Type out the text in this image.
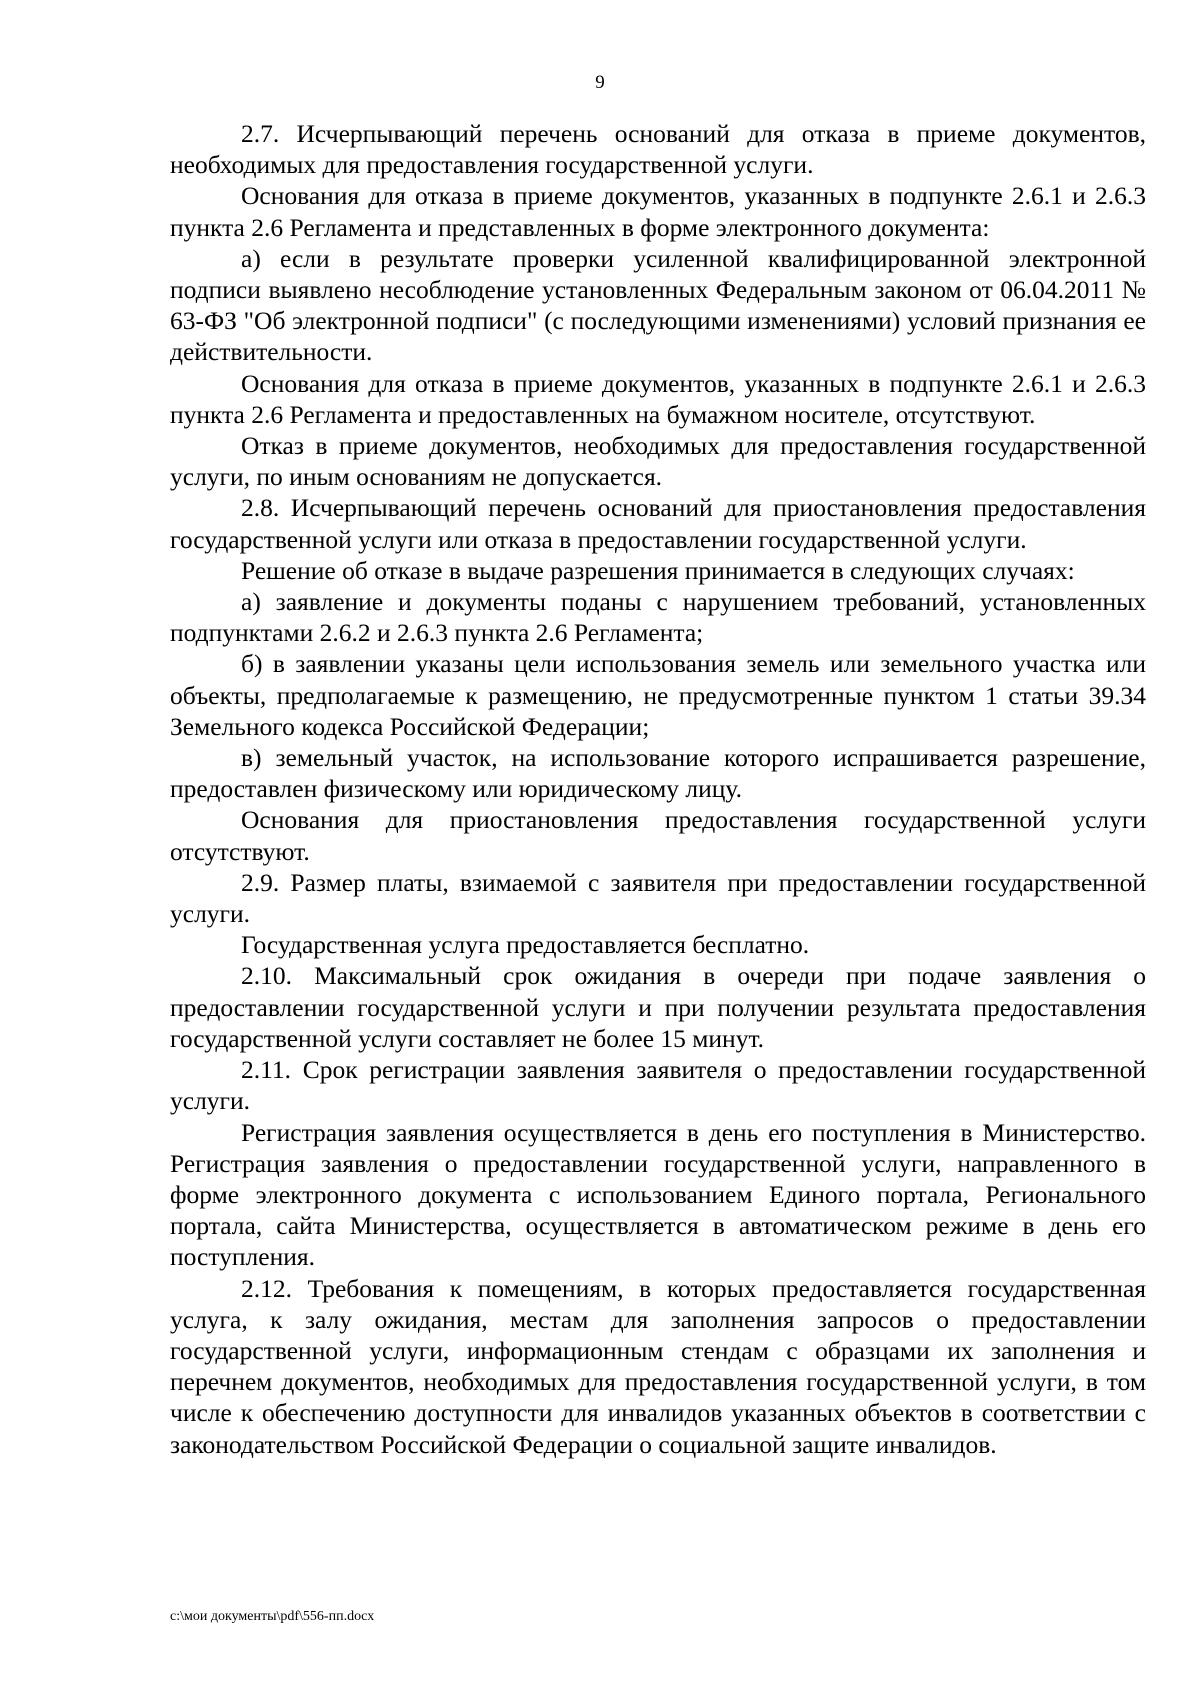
9

2.7. Исчерпывающий перечень оснований для отказа в приеме документов, необходимых для предоставления государственной услуги.

Основания для отказа в приеме документов, указанных в подпункте 2.6.1 и 2.6.3 пункта 2.6 Регламента и представленных в форме электронного документа:

а) если в результате проверки усиленной квалифицированной электронной подписи выявлено несоблюдение установленных Федеральным законом от 06.04.2011 № 63-ФЗ "Об электронной подписи" (с последующими изменениями) условий признания ее действительности.

Основания для отказа в приеме документов, указанных в подпункте 2.6.1 и 2.6.3 пункта 2.6 Регламента и предоставленных на бумажном носителе, отсутствуют.

Отказ в приеме документов, необходимых для предоставления государственной услуги, по иным основаниям не допускается.

2.8. Исчерпывающий перечень оснований для приостановления предоставления государственной услуги или отказа в предоставлении государственной услуги.

Решение об отказе в выдаче разрешения принимается в следующих случаях:

а) заявление и документы поданы с нарушением требований, установленных подпунктами 2.6.2 и 2.6.3 пункта 2.6 Регламента;

б) в заявлении указаны цели использования земель или земельного участка или объекты, предполагаемые к размещению, не предусмотренные пунктом 1 статьи 39.34 Земельного кодекса Российской Федерации;

в) земельный участок, на использование которого испрашивается разрешение, предоставлен физическому или юридическому лицу.

Основания для приостановления предоставления государственной услуги отсутствуют.

2.9. Размер платы, взимаемой с заявителя при предоставлении государственной услуги.

Государственная услуга предоставляется бесплатно.

2.10. Максимальный срок ожидания в очереди при подаче заявления о предоставлении государственной услуги и при получении результата предоставления государственной услуги составляет не более 15 минут.

2.11. Срок регистрации заявления заявителя о предоставлении государственной услуги.

Регистрация заявления осуществляется в день его поступления в Министерство. Регистрация заявления о предоставлении государственной услуги, направленного в форме электронного документа с использованием Единого портала, Регионального портала, сайта Министерства, осуществляется в автоматическом режиме в день его поступления.

2.12. Требования к помещениям, в которых предоставляется государственная услуга, к залу ожидания, местам для заполнения запросов о предоставлении государственной услуги, информационным стендам с образцами их заполнения и перечнем документов, необходимых для предоставления государственной услуги, в том числе к обеспечению доступности для инвалидов указанных объектов в соответствии с законодательством Российской Федерации о социальной защите инвалидов.

c:\мои документы\pdf\556-пп.docx
